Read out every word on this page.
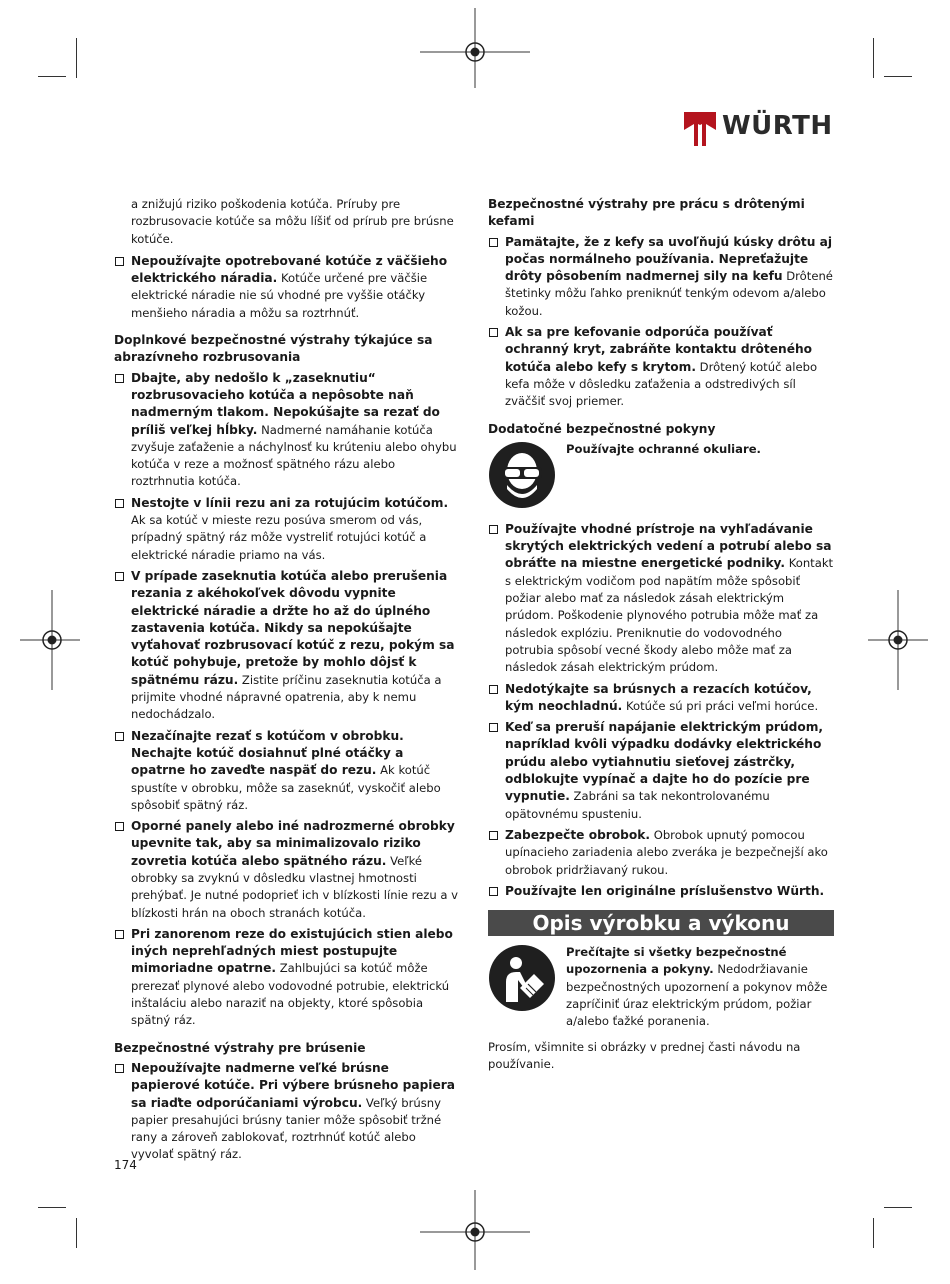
WÜRTH

a znižujú riziko poškodenia kotúča. Príruby pre rozbrusovacie kotúče sa môžu líšiť od prírub pre brúsne kotúče.

Nepoužívajte opotrebované kotúče z väčšieho elektrického náradia. Kotúče určené pre väčšie elektrické náradie nie sú vhodné pre vyššie otáčky menšieho náradia a môžu sa roztrhnúť.
Doplnkové bezpečnostné výstrahy týkajúce sa abrazívneho rozbrusovania
Dbajte, aby nedošlo k „zaseknutiu“ rozbrusovacieho kotúča a nepôsobte naň nadmerným tlakom. Nepokúšajte sa rezať do príliš veľkej hĺbky. Nadmerné namáhanie kotúča zvyšuje zaťaženie a náchylnosť ku krúteniu alebo ohybu kotúča v reze a možnosť spätného rázu alebo roztrhnutia kotúča.
Nestojte v línii rezu ani za rotujúcim kotúčom. Ak sa kotúč v mieste rezu posúva smerom od vás, prípadný spätný ráz môže vystreliť rotujúci kotúč a elektrické náradie priamo na vás.
V prípade zaseknutia kotúča alebo prerušenia rezania z akéhokoľvek dôvodu vypnite elektrické náradie a držte ho až do úplného zastavenia kotúča. Nikdy sa nepokúšajte vyťahovať rozbrusovací kotúč z rezu, pokým sa kotúč pohybuje, pretože by mohlo dôjsť k spätnému rázu. Zistite príčinu zaseknutia kotúča a prijmite vhodné nápravné opatrenia, aby k nemu nedochádzalo.
Nezačínajte rezať s kotúčom v obrobku. Nechajte kotúč dosiahnuť plné otáčky a opatrne ho zaveďte naspäť do rezu. Ak kotúč spustíte v obrobku, môže sa zaseknúť, vyskočiť alebo spôsobiť spätný ráz.
Oporné panely alebo iné nadrozmerné obrobky upevnite tak, aby sa minimalizovalo riziko zovretia kotúča alebo spätného rázu. Veľké obrobky sa zvyknú v dôsledku vlastnej hmotnosti prehýbať. Je nutné podoprieť ich v blízkosti línie rezu a v blízkosti hrán na oboch stranách kotúča.
Pri zanorenom reze do existujúcich stien alebo iných neprehľadných miest postupujte mimoriadne opatrne. Zahlbujúci sa kotúč môže prerezať plynové alebo vodovodné potrubie, elektrickú inštaláciu alebo naraziť na objekty, ktoré spôsobia spätný ráz.
Bezpečnostné výstrahy pre brúsenie
Nepoužívajte nadmerne veľké brúsne papierové kotúče. Pri výbere brúsneho papiera sa riaďte odporúčaniami výrobcu. Veľký brúsny papier presahujúci brúsny tanier môže spôsobiť tržné rany a zároveň zablokovať, roztrhnúť kotúč alebo vyvolať spätný ráz.
Bezpečnostné výstrahy pre prácu s drôtenými kefami
Pamätajte, že z kefy sa uvoľňujú kúsky drôtu aj počas normálneho používania. Nepreťažujte drôty pôsobením nadmernej sily na kefu Drôtené štetinky môžu ľahko preniknúť tenkým odevom a/alebo kožou.
Ak sa pre kefovanie odporúča používať ochranný kryt, zabráňte kontaktu drôteného kotúča alebo kefy s krytom. Drôtený kotúč alebo kefa môže v dôsledku zaťaženia a odstredivých síl zväčšiť svoj priemer.
Dodatočné bezpečnostné pokyny
Používajte ochranné okuliare.
Používajte vhodné prístroje na vyhľadávanie skrytých elektrických vedení a potrubí alebo sa obráťte na miestne energetické podniky. Kontakt s elektrickým vodičom pod napätím môže spôsobiť požiar alebo mať za následok zásah elektrickým prúdom. Poškodenie plynového potrubia môže mať za následok explóziu. Preniknutie do vodovodného potrubia spôsobí vecné škody alebo môže mať za následok zásah elektrickým prúdom.
Nedotýkajte sa brúsnych a rezacích kotúčov, kým neochladnú. Kotúče sú pri práci veľmi horúce.
Keď sa preruší napájanie elektrickým prúdom, napríklad kvôli výpadku dodávky elektrického prúdu alebo vytiahnutiu sieťovej zástrčky, odblokujte vypínač a dajte ho do pozície pre vypnutie. Zabráni sa tak nekontrolovanému opätovnému spusteniu.
Zabezpečte obrobok. Obrobok upnutý pomocou upínacieho zariadenia alebo zveráka je bezpečnejší ako obrobok pridržiavaný rukou.
Používajte len originálne príslušenstvo Würth.
Opis výrobku a výkonu
Prečítajte si všetky bezpečnostné upozornenia a pokyny. Nedodržiavanie bezpečnostných upozornení a pokynov môže zapríčiniť úraz elektrickým prúdom, požiar a/alebo ťažké poranenia.

Prosím, všimnite si obrázky v prednej časti návodu na používanie.

174
